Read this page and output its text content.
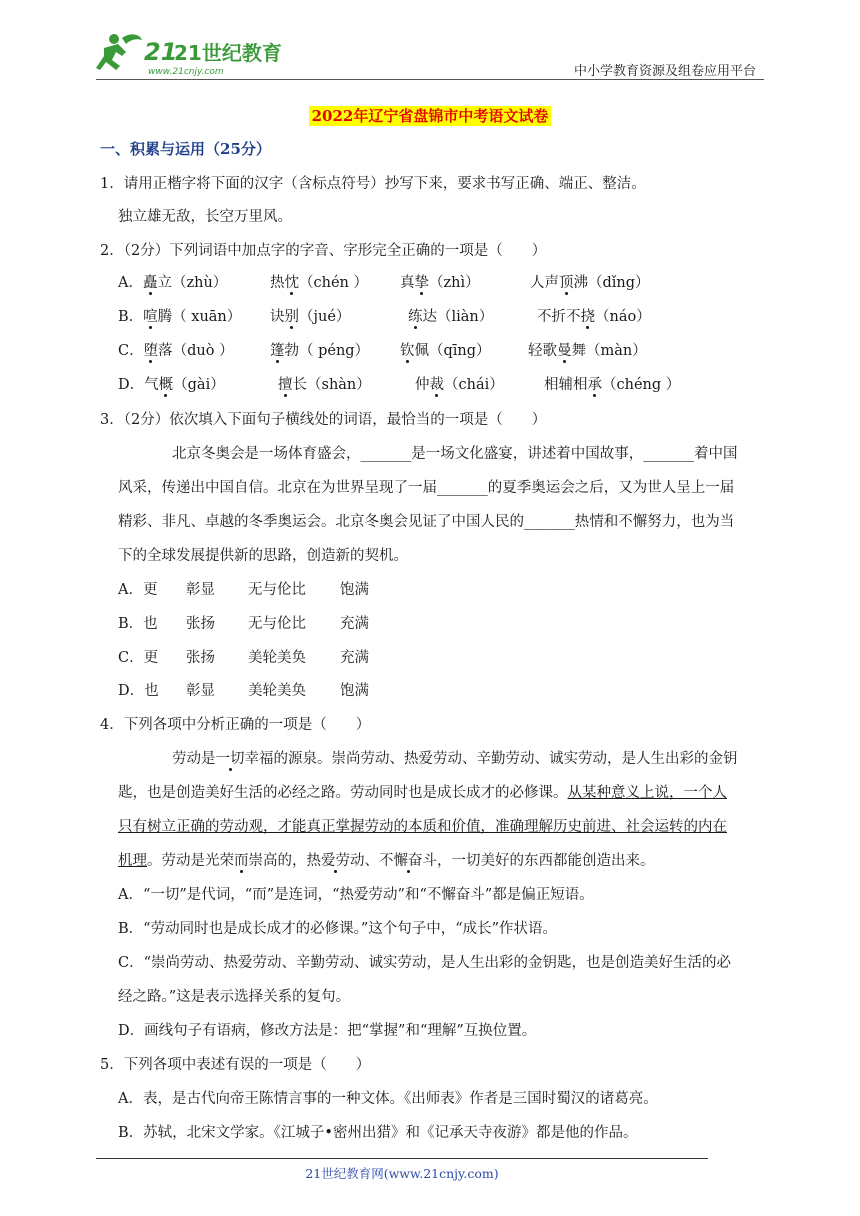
21
21世纪教育
www.21cnjy.com	中小学教育资源及组卷应用平台
2022年辽宁省盘锦市中考语文试卷
一、积累与运用（25分）
1．请用正楷字将下面的汉字（含标点符号）抄写下来，要求书写正确、端正、整洁。
独立雄无敌，长空万里风。
2．（2分）下列词语中加点字的字音、字形完全正确的一项是（　　）
A．矗立（zhù）	热忱（chén ） 真挚（zhì）	人声顶沸（dǐng）
B．喧腾（ xuān） 诀别（jué）	练达（liàn）	不折不挠（náo）
C．堕落（duò ）	篷勃（ péng） 钦佩（qīng）	轻歌曼舞（màn）
D．气概（gài）	擅长（shàn）	仲裁（chái）	相辅相承（chéng ）
3．（2分）依次填入下面句子横线处的词语，最恰当的一项是（　　）
北京冬奥会是一场体育盛会，_______是一场文化盛宴，讲述着中国故事，_______着中国
风采，传递出中国自信。北京在为世界呈现了一届_______的夏季奥运会之后，又为世人呈上一届
精彩、非凡、卓越的冬季奥运会。北京冬奥会见证了中国人民的_______热情和不懈努力，也为当
下的全球发展提供新的思路，创造新的契机。
A．更 彰显 无与伦比 饱满
B．也 张扬 无与伦比 充满
C．更 张扬 美轮美奂 充满
D．也 彰显 美轮美奂 饱满
4．下列各项中分析正确的一项是（　　）
劳动是一切幸福的源泉。崇尚劳动、热爱劳动、辛勤劳动、诚实劳动，是人生出彩的金钥
匙，也是创造美好生活的必经之路。劳动同时也是成长成才的必修课。从某种意义上说，一个人
只有树立正确的劳动观，才能真正掌握劳动的本质和价值，准确理解历史前进、社会运转的内在
机理。劳动是光荣而崇高的，热爱劳动、不懈奋斗，一切美好的东西都能创造出来。
A．“一切”是代词，“而”是连词，“热爱劳动”和“不懈奋斗”都是偏正短语。
B．“劳动同时也是成长成才的必修课。”这个句子中，“成长”作状语。
C．“崇尚劳动、热爱劳动、辛勤劳动、诚实劳动，是人生出彩的金钥匙，也是创造美好生活的必
经之路。”这是表示选择关系的复句。
D．画线句子有语病，修改方法是：把“掌握”和“理解”互换位置。
5．下列各项中表述有误的一项是（　　）
A．表，是古代向帝王陈情言事的一种文体。《出师表》作者是三国时蜀汉的诸葛亮。
B．苏轼，北宋文学家。《江城子•密州出猎》和《记承天寺夜游》都是他的作品。
21世纪教育网(www.21cnjy.com)
